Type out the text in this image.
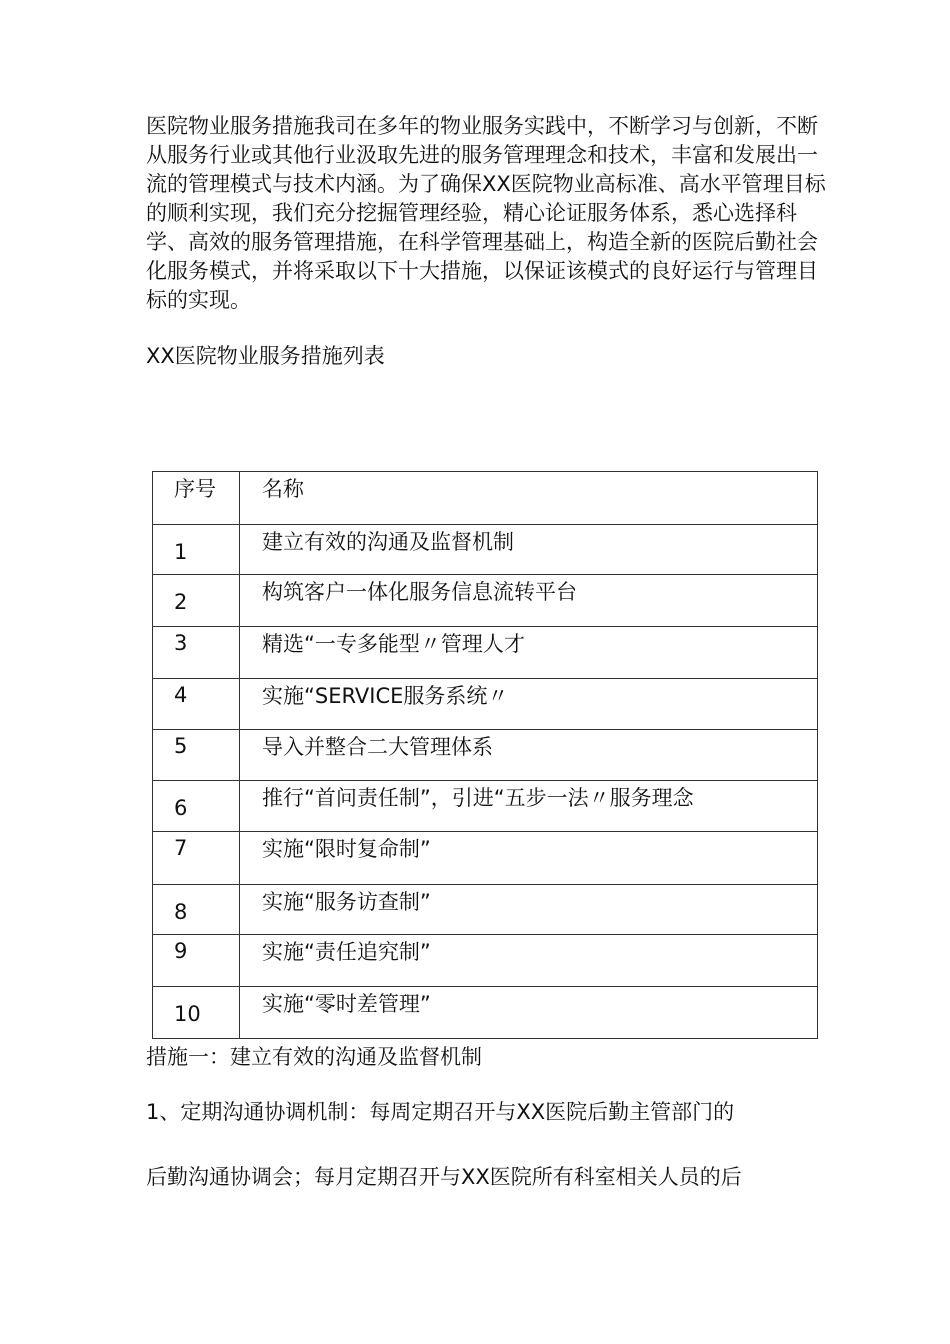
医院物业服务措施我司在多年的物业服务实践中，不断学习与创新，不断从服务行业或其他行业汲取先进的服务管理理念和技术，丰富和发展出一流的管理模式与技术内涵。为了确保XX医院物业高标准、高水平管理目标的顺利实现，我们充分挖掘管理经验，精心论证服务体系，悉心选择科学、高效的服务管理措施，在科学管理基础上，构造全新的医院后勤社会化服务模式，并将采取以下十大措施，以保证该模式的良好运行与管理目标的实现。

XX医院物业服务措施列表

序号	名称

1	建立有效的沟通及监督机制

2	构筑客户一体化服务信息流转平台

3	精选“一专多能型〃管理人才

4	实施“SERVICE服务系统〃

5	导入并整合二大管理体系

6	推行“首问责任制”，引进“五步一法〃服务理念

7	实施“限时复命制”

8	实施“服务访查制”

9	实施“责任追究制”

10	实施“零时差管理”

措施一：建立有效的沟通及监督机制

1、定期沟通协调机制：每周定期召开与XX医院后勤主管部门的

后勤沟通协调会；每月定期召开与XX医院所有科室相关人员的后
